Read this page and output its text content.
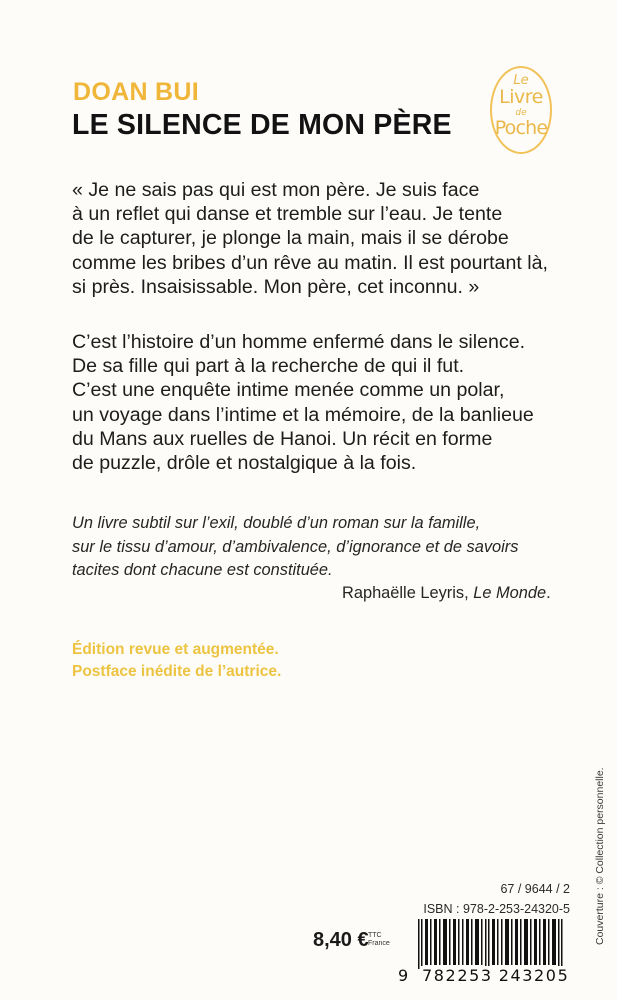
DOAN BUI
LE SILENCE DE MON PÈRE
Le
Livre
de
Poche
« Je ne sais pas qui est mon père. Je suis face
à un reflet qui danse et tremble sur l’eau. Je tente
de le capturer, je plonge la main, mais il se dérobe
comme les bribes d’un rêve au matin. Il est pourtant là,
si près. Insaisissable. Mon père, cet inconnu. »
C’est l’histoire d’un homme enfermé dans le silence.
De sa fille qui part à la recherche de qui il fut.
C’est une enquête intime menée comme un polar,
un voyage dans l’intime et la mémoire, de la banlieue
du Mans aux ruelles de Hanoi. Un récit en forme
de puzzle, drôle et nostalgique à la fois.
Un livre subtil sur l’exil, doublé d’un roman sur la famille,
sur le tissu d’amour, d’ambivalence, d’ignorance et de savoirs
tacites dont chacune est constituée.
Raphaëlle Leyris, Le Monde.
Édition revue et augmentée.
Postface inédite de l’autrice.
Couverture : © Collection personnelle.
67 / 9644 / 2
ISBN : 978-2-253-24320-5
8,40 € TTC
France
9 782253 243205
